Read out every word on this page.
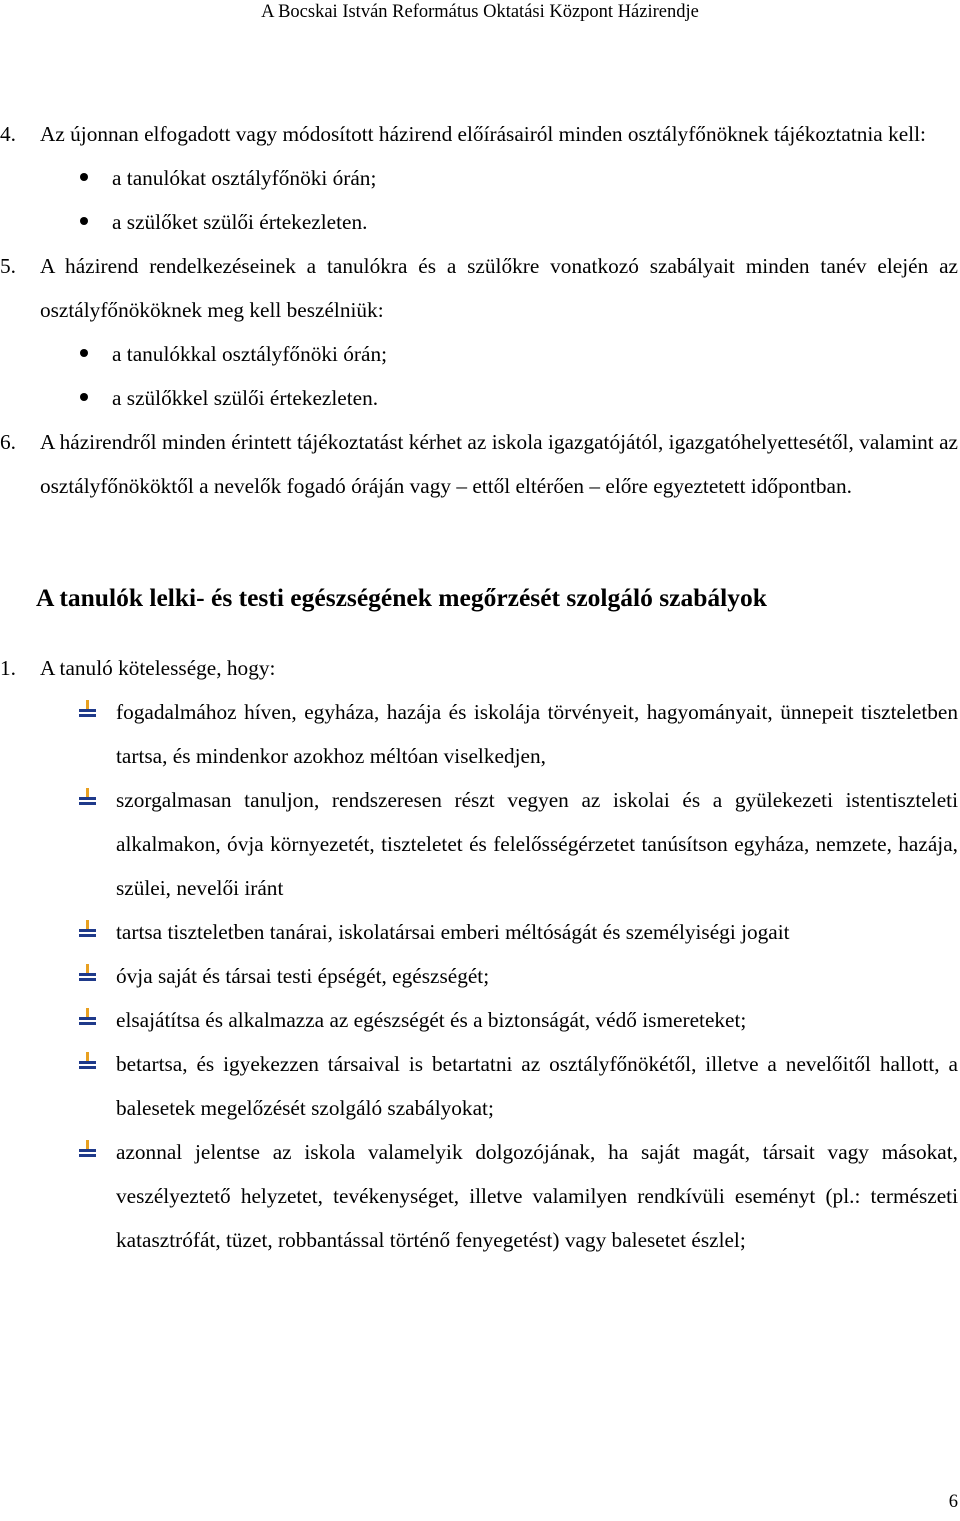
A Bocskai István Református Oktatási Központ Házirendje
4. Az újonnan elfogadott vagy módosított házirend előírásairól minden osztályfőnöknek tájékoztatnia kell:
a tanulókat osztályfőnöki órán;
a szülőket szülői értekezleten.
5. A házirend rendelkezéseinek a tanulókra és a szülőkre vonatkozó szabályait minden tanév elején az osztályfőnököknek meg kell beszélniük:
a tanulókkal osztályfőnöki órán;
a szülőkkel szülői értekezleten.
6. A házirendről minden érintett tájékoztatást kérhet az iskola igazgatójától, igazgatóhelyettesétől, valamint az osztályfőnököktől a nevelők fogadó óráján vagy – ettől eltérően – előre egyeztetett időpontban.
A tanulók lelki- és testi egészségének megőrzését szolgáló szabályok
1. A tanuló kötelessége, hogy:
fogadalmához híven, egyháza, hazája és iskolája törvényeit, hagyományait, ünnepeit tiszteletben tartsa, és mindenkor azokhoz méltóan viselkedjen,
szorgalmasan tanuljon, rendszeresen részt vegyen az iskolai és a gyülekezeti istentiszteleti alkalmakon, óvja környezetét, tiszteletet és felelősségérzetet tanúsítson egyháza, nemzete, hazája, szülei, nevelői iránt
tartsa tiszteletben tanárai, iskolatársai emberi méltóságát és személyiségi jogait
óvja saját és társai testi épségét, egészségét;
elsajátítsa és alkalmazza az egészségét és a biztonságát, védő ismereteket;
betartsa, és igyekezzen társaival is betartatni az osztályfőnökétől, illetve a nevelőitől hallott, a balesetek megelőzését szolgáló szabályokat;
azonnal jelentse az iskola valamelyik dolgozójának, ha saját magát, társait vagy másokat, veszélyeztető helyzetet, tevékenységet, illetve valamilyen rendkívüli eseményt (pl.: természeti katasztrófát, tüzet, robbantással történő fenyegetést) vagy balesetet észlel;
6
